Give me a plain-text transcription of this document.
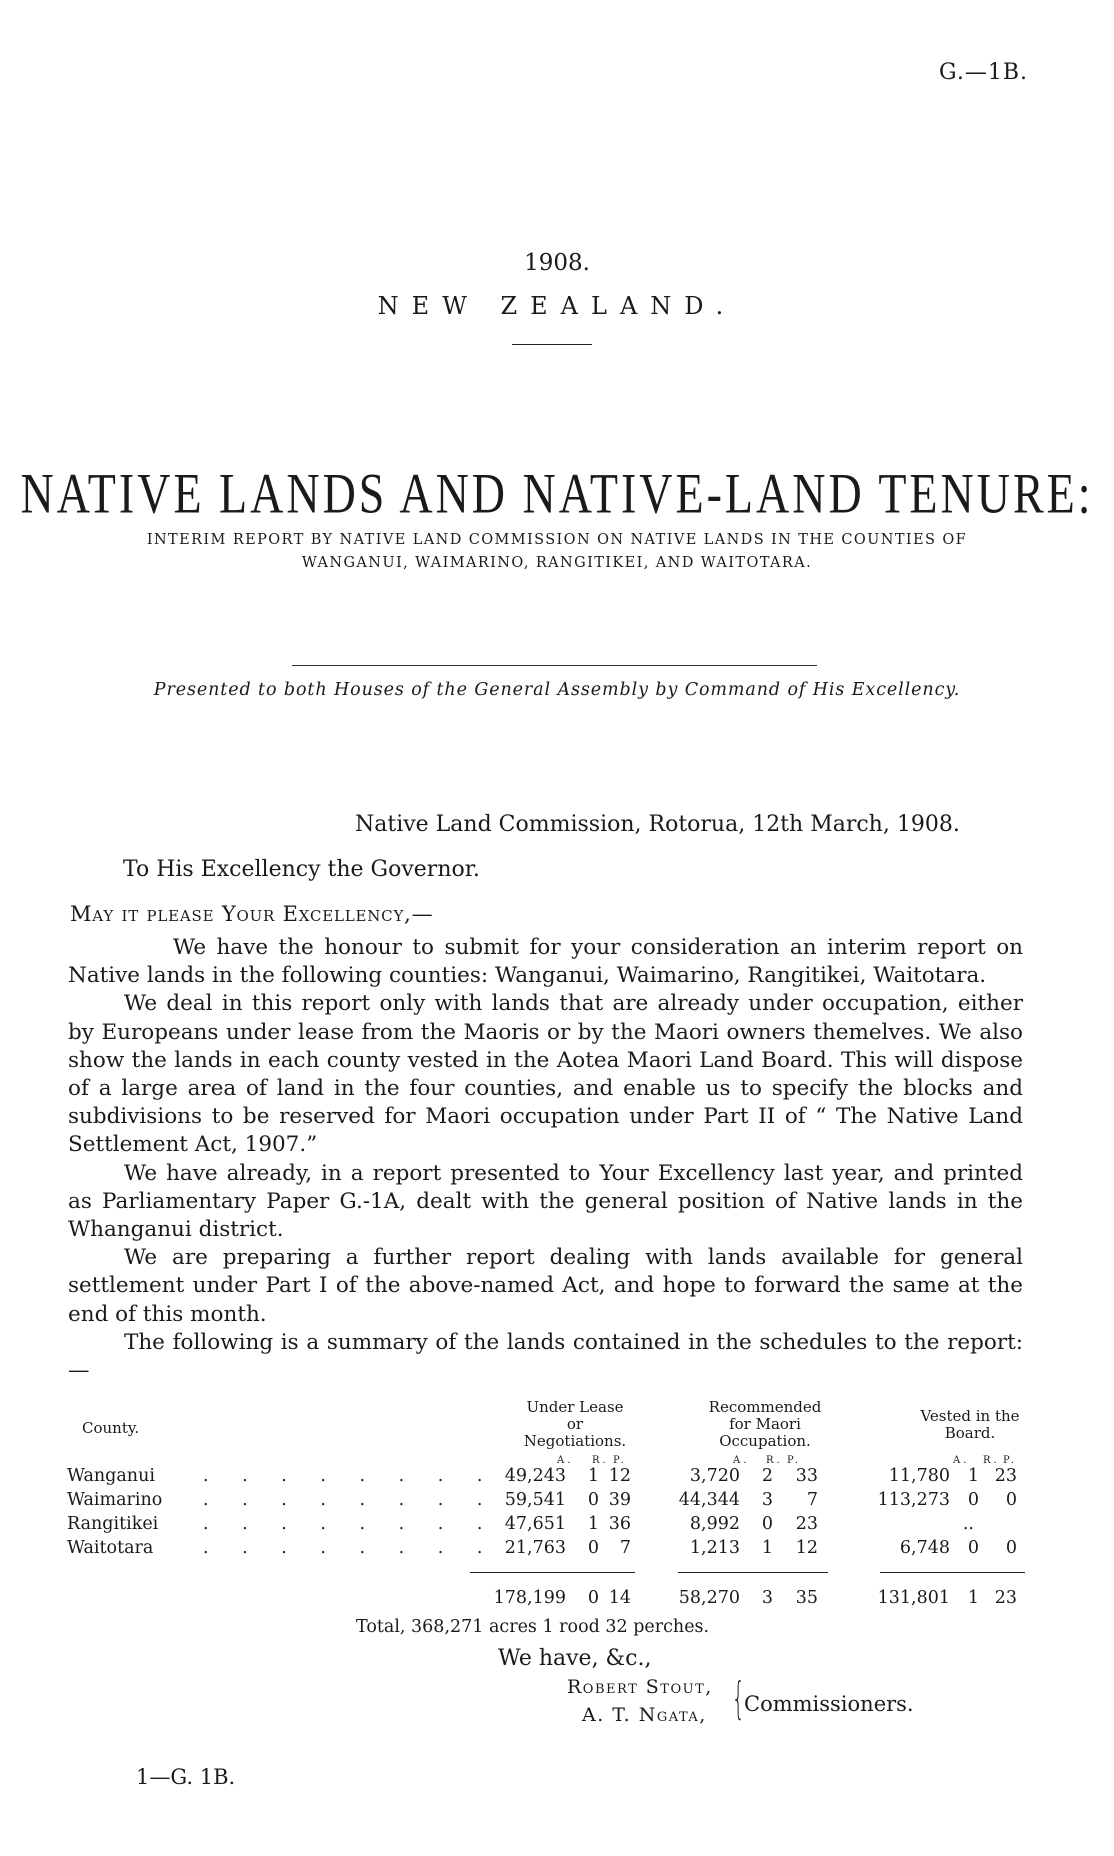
G.—1B.
1908.
NEW ZEALAND.
NATIVE LANDS AND NATIVE-LAND TENURE:
INTERIM REPORT BY NATIVE LAND COMMISSION ON NATIVE LANDS IN THE COUNTIES OF
WANGANUI, WAIMARINO, RANGITIKEI, AND WAITOTARA.
Presented to both Houses of the General Assembly by Command of His Excellency.
Native Land Commission, Rotorua, 12th March, 1908.
To His Excellency the Governor.
May it please Your Excellency,—

We have the honour to submit for your consideration an interim report on Native lands in the following counties: Wanganui, Waimarino, Rangitikei, Waitotara.

We deal in this report only with lands that are already under occupation, either by Europeans under lease from the Maoris or by the Maori owners themelves. We also show the lands in each county vested in the Aotea Maori Land Board. This will dispose of a large area of land in the four counties, and enable us to specify the blocks and subdivisions to be reserved for Maori occupation under Part II of “ The Native Land Settlement Act, 1907.”

We have already, in a report presented to Your Excellency last year, and printed as Parliamentary Paper G.-1A, dealt with the general position of Native lands in the Whanganui district.

We are preparing a further report dealing with lands available for general settlement under Part I of the above-named Act, and hope to forward the same at the end of this month.

The following is a summary of the lands contained in the schedules to the report:—

County.
Under Lease
or
Negotiations.
Recommended
for Maori
Occupation.
Vested in the
Board.
A. R. P.	A. R. P.	A. R. P.
Wanganui	. . . . . . . . 49,243 1 12	3,720 2 33	11,780 1 23
Waimarino . . . . . . . . 59,541 0 39	44,344 3 7	113,273 0 0
Rangitikei	. . . . . . . . 47,651 1 36	8,992 0 23	..
Waitotara	. . . . . . . . 21,763 0 7	1,213 1 12	6,748 0 0
178,199 0 14	58,270 3 35	131,801 1 23
Total, 368,271 acres 1 rood 32 perches.
We have, &c.,
Robert Stout,
A. T. Ngata, { Commissioners.
1—G. 1B.
